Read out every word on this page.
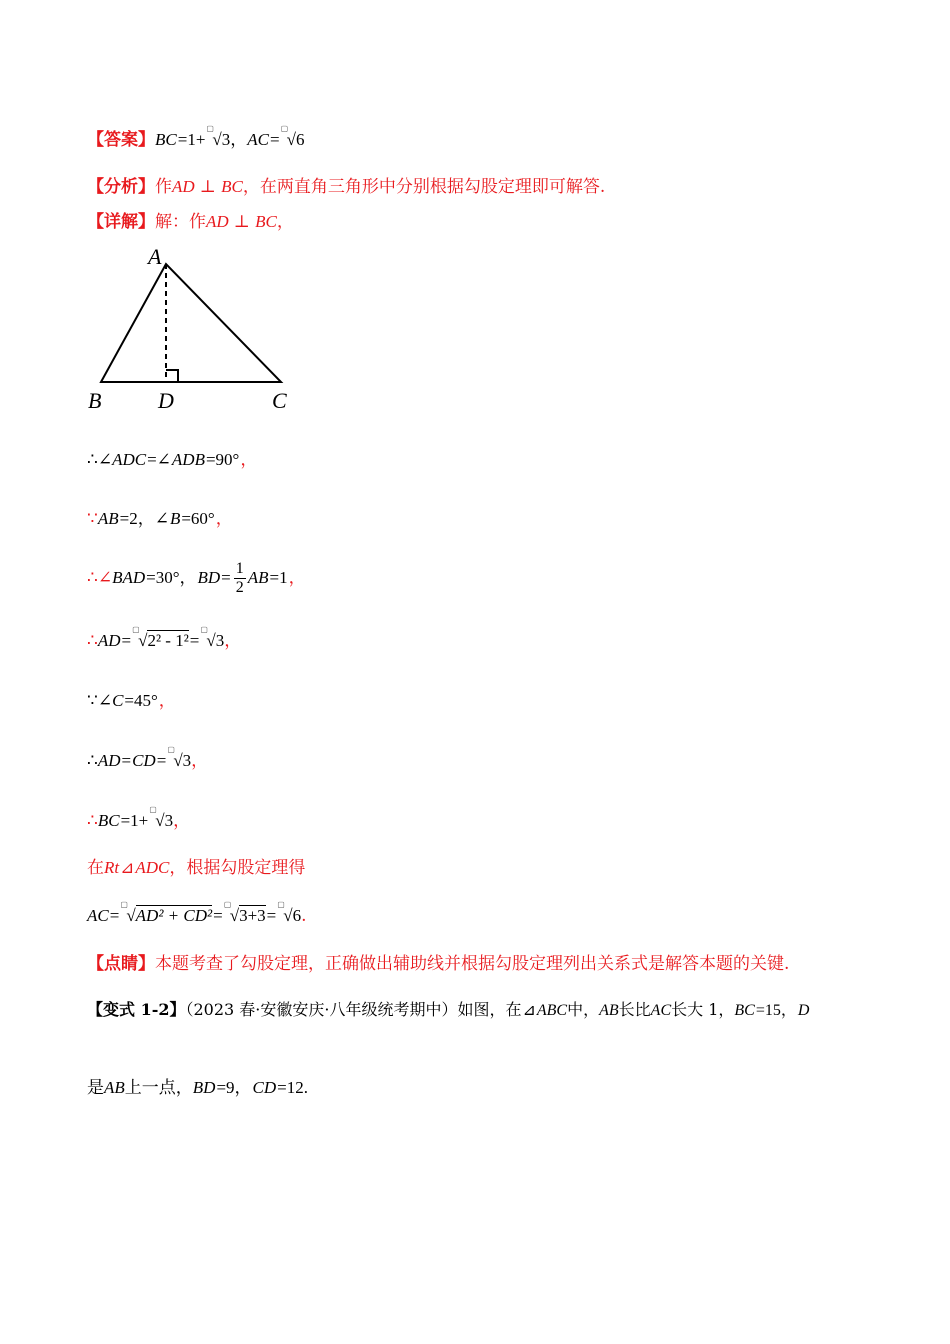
【答案】BC=1+
▢
√3，AC=
▢
√6
【分析】作AD ⊥ BC，在两直角三角形中分别根据勾股定理即可解答.
【详解】解：作AD ⊥ BC，
A
B	D	C
∴∠ADC=∠ADB=90°，
∵AB=2，∠B=60°，
∴∠BAD=30°，$BD= \frac{1}{2} AB=1$，
∴AD=
▢
√2² - 1²=
▢
√3，
∵∠C=45°，
∴AD=CD=
▢
√3，
∴BC=1+
▢
√3，
在Rt⊿ADC，根据勾股定理得
AC=
▢
√AD² + CD²=
▢
√3+3=
▢
√6.
【点睛】本题考查了勾股定理，正确做出辅助线并根据勾股定理列出关系式是解答本题的关键.
【变式 1-2】（2023 春·安徽安庆·八年级统考期中）如图，在⊿ABC中，AB长比AC长大 1，BC=15，D
是AB上一点，BD=9，CD=12.
